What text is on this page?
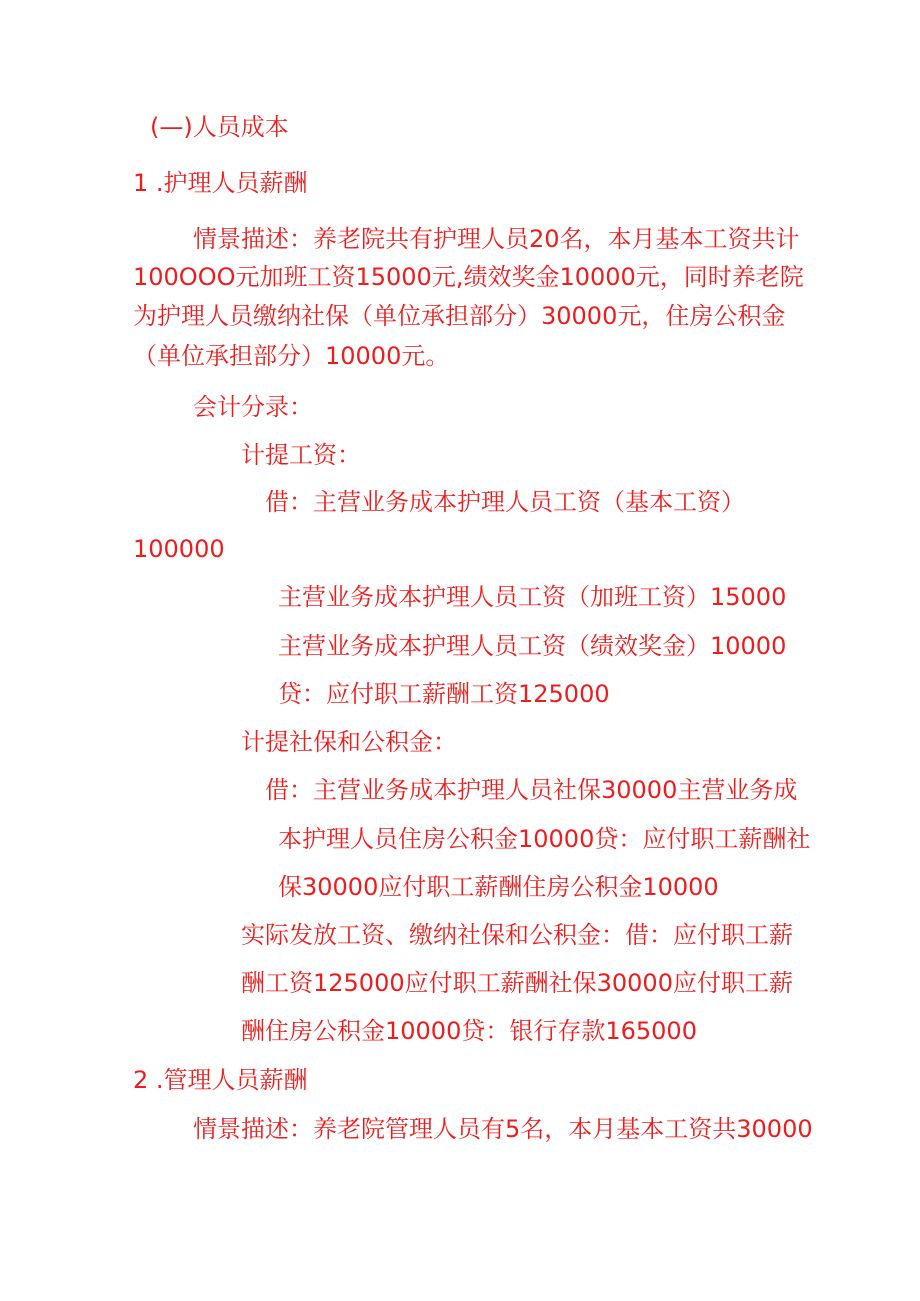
(—)人员成本

1 .护理人员薪酬

情景描述：养老院共有护理人员20名，本月基本工资共计

100OOO元加班工资15000元,绩效奖金10000元，同时养老院

为护理人员缴纳社保（单位承担部分）30000元，住房公积金

（单位承担部分）10000元。

会计分录：

计提工资：

借：主营业务成本护理人员工资（基本工资）

100000

主营业务成本护理人员工资（加班工资）15000

主营业务成本护理人员工资（绩效奖金）10000

贷：应付职工薪酬工资125000

计提社保和公积金：

借：主营业务成本护理人员社保30000主营业务成

本护理人员住房公积金10000贷：应付职工薪酬社

保30000应付职工薪酬住房公积金10000

实际发放工资、缴纳社保和公积金：借：应付职工薪

酬工资125000应付职工薪酬社保30000应付职工薪

酬住房公积金10000贷：银行存款165000

2 .管理人员薪酬

情景描述：养老院管理人员有5名，本月基本工资共30000
